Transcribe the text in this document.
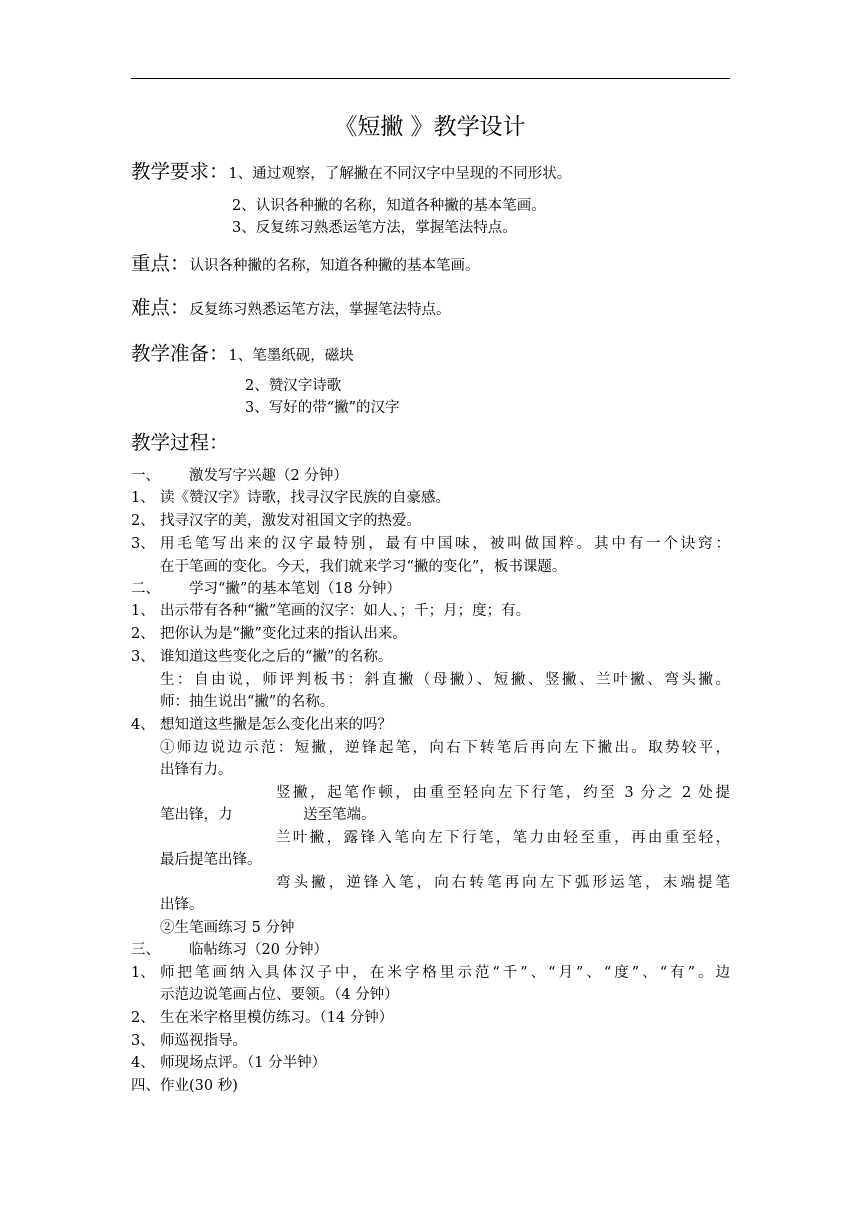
《短撇 》教学设计
教学要求：1、通过观察，了解撇在不同汉字中呈现的不同形状。
2、认识各种撇的名称，知道各种撇的基本笔画。
3、反复练习熟悉运笔方法，掌握笔法特点。
重点：认识各种撇的名称，知道各种撇的基本笔画。
难点：反复练习熟悉运笔方法，掌握笔法特点。
教学准备：1、笔墨纸砚，磁块
2、赞汉字诗歌
3、写好的带“撇”的汉字
教学过程：
一、 激发写字兴趣（2 分钟）
1、 读《赞汉字》诗歌，找寻汉字民族的自豪感。
2、 找寻汉字的美，激发对祖国文字的热爱。
3、 用毛笔写出来的汉字最特别，最有中国味，被叫做国粹。其中有一个诀窍：
在于笔画的变化。今天，我们就来学习“撇的变化”，板书课题。
二、 学习“撇”的基本笔划（18 分钟）
1、 出示带有各种“撇”笔画的汉字：如人、；千；月；度；有。
2、 把你认为是“撇”变化过来的指认出来。
3、 谁知道这些变化之后的“撇”的名称。
生：自由说，师评判板书：斜直撇（母撇）、短撇、竖撇、兰叶撇、弯头撇。
师：抽生说出“撇”的名称。
4、 想知道这些撇是怎么变化出来的吗？
①师边说边示范：短撇，逆锋起笔，向右下转笔后再向左下撇出。取势较平，
出锋有力。
竖撇，起笔作顿，由重至轻向左下行笔，约至 3 分之 2 处提
笔出锋，力	送至笔端。
兰叶撇，露锋入笔向左下行笔，笔力由轻至重，再由重至轻，
最后提笔出锋。
弯头撇，逆锋入笔，向右转笔再向左下弧形运笔，末端提笔
出锋。
②生笔画练习 5 分钟
三、 临帖练习（20 分钟）
1、 师把笔画纳入具体汉子中，在米字格里示范“千”、“月”、“度”、“有”。边
示范边说笔画占位、要领。（4 分钟）
2、 生在米字格里模仿练习。（14 分钟）
3、 师巡视指导。
4、 师现场点评。（1 分半钟）
四、作业(30 秒)
